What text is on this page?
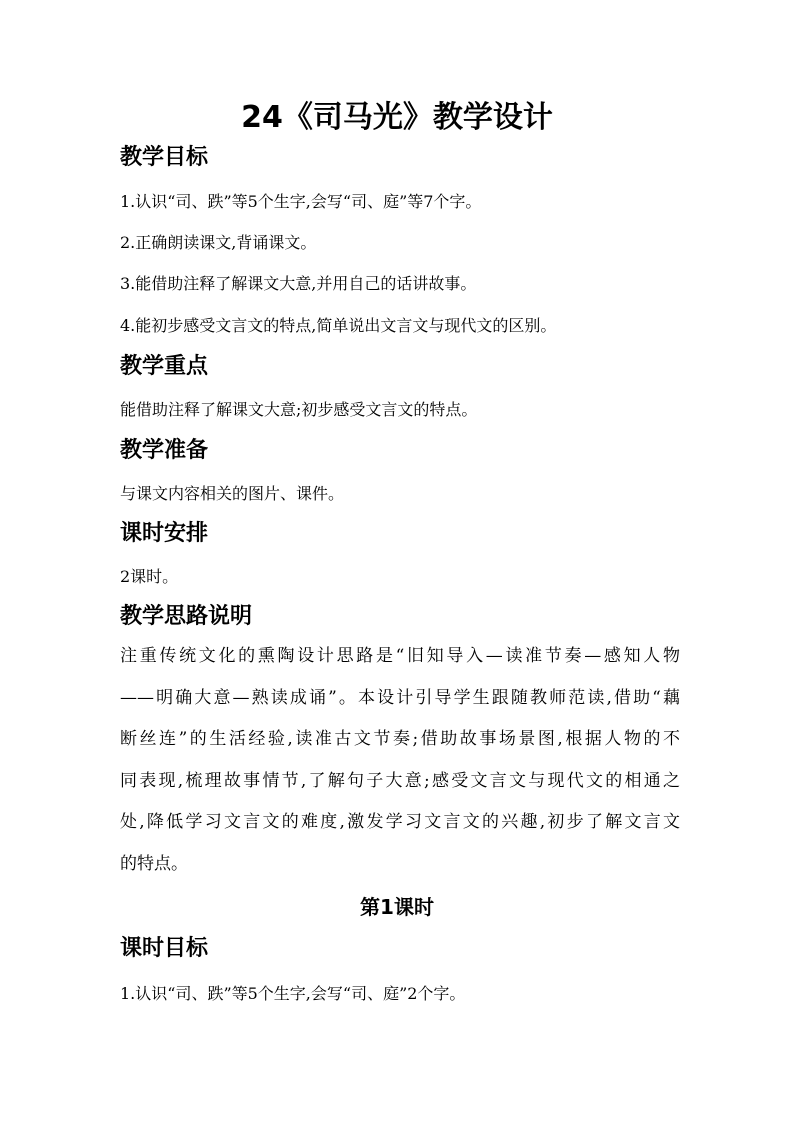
24《司马光》教学设计
教学目标
1.认识“司、跌”等5个生字,会写“司、庭”等7个字。
2.正确朗读课文,背诵课文。
3.能借助注释了解课文大意,并用自己的话讲故事。
4.能初步感受文言文的特点,简单说出文言文与现代文的区别。
教学重点
能借助注释了解课文大意;初步感受文言文的特点。
教学准备
与课文内容相关的图片、课件。
课时安排
2课时。
教学思路说明
注重传统文化的熏陶设计思路是“旧知导入—读准节奏—感知人物
——明确大意—熟读成诵”。本设计引导学生跟随教师范读,借助“藕
断丝连”的生活经验,读准古文节奏;借助故事场景图,根据人物的不
同表现,梳理故事情节,了解句子大意;感受文言文与现代文的相通之
处,降低学习文言文的难度,激发学习文言文的兴趣,初步了解文言文
的特点。
第1课时
课时目标
1.认识“司、跌”等5个生字,会写“司、庭”2个字。
